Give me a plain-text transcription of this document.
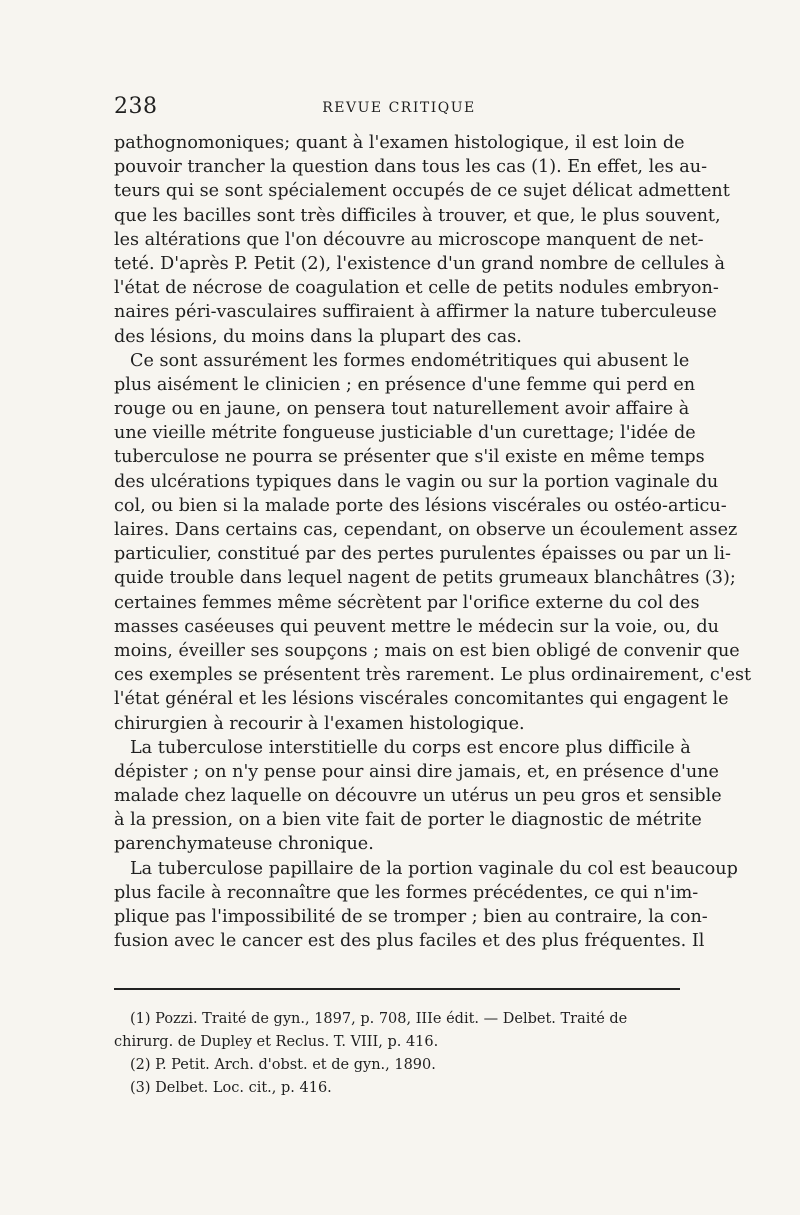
238	REVUE CRITIQUE
pathognomoniques; quant à l'examen histologique, il est loin de
pouvoir trancher la question dans tous les cas (1). En effet, les au-
teurs qui se sont spécialement occupés de ce sujet délicat admettent
que les bacilles sont très difficiles à trouver, et que, le plus souvent,
les altérations que l'on découvre au microscope manquent de net-
teté. D'après P. Petit (2), l'existence d'un grand nombre de cellules à
l'état de nécrose de coagulation et celle de petits nodules embryon-
naires péri-vasculaires suffiraient à affirmer la nature tuberculeuse
des lésions, du moins dans la plupart des cas.
Ce sont assurément les formes endométritiques qui abusent le
plus aisément le clinicien ; en présence d'une femme qui perd en
rouge ou en jaune, on pensera tout naturellement avoir affaire à
une vieille métrite fongueuse justiciable d'un curettage; l'idée de
tuberculose ne pourra se présenter que s'il existe en même temps
des ulcérations typiques dans le vagin ou sur la portion vaginale du
col, ou bien si la malade porte des lésions viscérales ou ostéo-articu-
laires. Dans certains cas, cependant, on observe un écoulement assez
particulier, constitué par des pertes purulentes épaisses ou par un li-
quide trouble dans lequel nagent de petits grumeaux blanchâtres (3);
certaines femmes même sécrètent par l'orifice externe du col des
masses caséeuses qui peuvent mettre le médecin sur la voie, ou, du
moins, éveiller ses soupçons ; mais on est bien obligé de convenir que
ces exemples se présentent très rarement. Le plus ordinairement, c'est
l'état général et les lésions viscérales concomitantes qui engagent le
chirurgien à recourir à l'examen histologique.
La tuberculose interstitielle du corps est encore plus difficile à
dépister ; on n'y pense pour ainsi dire jamais, et, en présence d'une
malade chez laquelle on découvre un utérus un peu gros et sensible
à la pression, on a bien vite fait de porter le diagnostic de métrite
parenchymateuse chronique.
La tuberculose papillaire de la portion vaginale du col est beaucoup
plus facile à reconnaître que les formes précédentes, ce qui n'im-
plique pas l'impossibilité de se tromper ; bien au contraire, la con-
fusion avec le cancer est des plus faciles et des plus fréquentes. Il
(1) Pozzi. Traité de gyn., 1897, p. 708, IIIe édit. — Delbet. Traité de
chirurg. de Dupley et Reclus. T. VIII, p. 416.
(2) P. Petit. Arch. d'obst. et de gyn., 1890.
(3) Delbet. Loc. cit., p. 416.
